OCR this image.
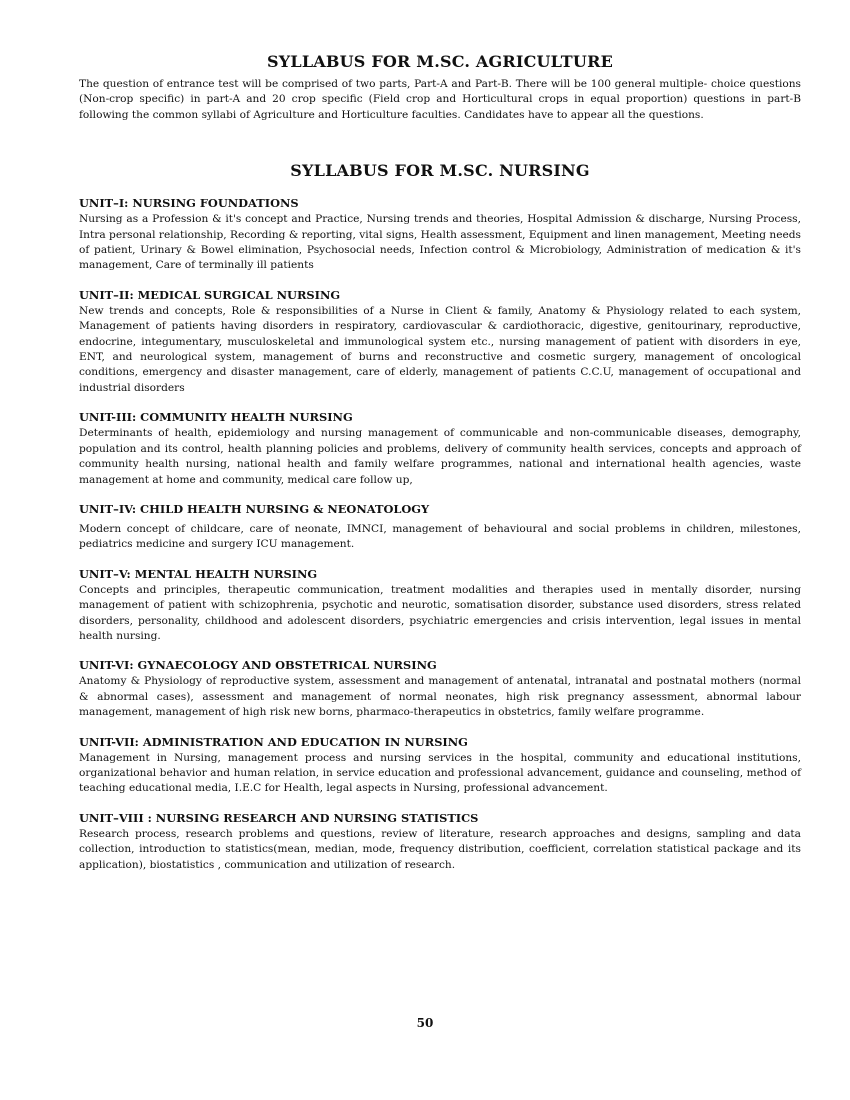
SYLLABUS FOR M.SC. AGRICULTURE

The question of entrance test will be comprised of two parts, Part-A and Part-B. There will be 100 general multiple- choice questions (Non-crop specific) in part-A and 20 crop specific (Field crop and Horticultural crops in equal proportion) questions in part-B following the common syllabi of Agriculture and Horticulture faculties. Candidates have to appear all the questions.

SYLLABUS FOR M.SC. NURSING
UNIT–I: NURSING FOUNDATIONS

Nursing as a Profession & it's concept and Practice, Nursing trends and theories, Hospital Admission & discharge, Nursing Process, Intra personal relationship, Recording & reporting, vital signs, Health assessment, Equipment and linen management, Meeting needs of patient, Urinary & Bowel elimination, Psychosocial needs, Infection control & Microbiology, Administration of medication & it's management, Care of terminally ill patients

UNIT–II: MEDICAL SURGICAL NURSING

New trends and concepts, Role & responsibilities of a Nurse in Client & family, Anatomy & Physiology related to each system, Management of patients having disorders in respiratory, cardiovascular & cardiothoracic, digestive, genitourinary, reproductive, endocrine, integumentary, musculoskeletal and immunological system etc., nursing management of patient with disorders in eye, ENT, and neurological system, management of burns and reconstructive and cosmetic surgery, management of oncological conditions, emergency and disaster management, care of elderly, management of patients C.C.U, management of occupational and industrial disorders

UNIT-III: COMMUNITY HEALTH NURSING

Determinants of health, epidemiology and nursing management of communicable and non-communicable diseases, demography, population and its control, health planning policies and problems, delivery of community health services, concepts and approach of community health nursing, national health and family welfare programmes, national and international health agencies, waste management at home and community, medical care follow up,

UNIT–IV: CHILD HEALTH NURSING & NEONATOLOGY

Modern concept of childcare, care of neonate, IMNCI, management of behavioural and social problems in children, milestones, pediatrics medicine and surgery ICU management.

UNIT–V: MENTAL HEALTH NURSING

Concepts and principles, therapeutic communication, treatment modalities and therapies used in mentally disorder, nursing management of patient with schizophrenia, psychotic and neurotic, somatisation disorder, substance used disorders, stress related disorders, personality, childhood and adolescent disorders, psychiatric emergencies and crisis intervention, legal issues in mental health nursing.

UNIT-VI: GYNAECOLOGY AND OBSTETRICAL NURSING

Anatomy & Physiology of reproductive system, assessment and management of antenatal, intranatal and postnatal mothers (normal & abnormal cases), assessment and management of normal neonates, high risk pregnancy assessment, abnormal labour management, management of high risk new borns, pharmaco-therapeutics in obstetrics, family welfare programme.

UNIT-VII: ADMINISTRATION AND EDUCATION IN NURSING

Management in Nursing, management process and nursing services in the hospital, community and educational institutions, organizational behavior and human relation, in service education and professional advancement, guidance and counseling, method of teaching educational media, I.E.C for Health, legal aspects in Nursing, professional advancement.

UNIT–VIII : NURSING RESEARCH AND NURSING STATISTICS

Research process, research problems and questions, review of literature, research approaches and designs, sampling and data collection, introduction to statistics(mean, median, mode, frequency distribution, coefficient, correlation statistical package and its application), biostatistics , communication and utilization of research.

50
